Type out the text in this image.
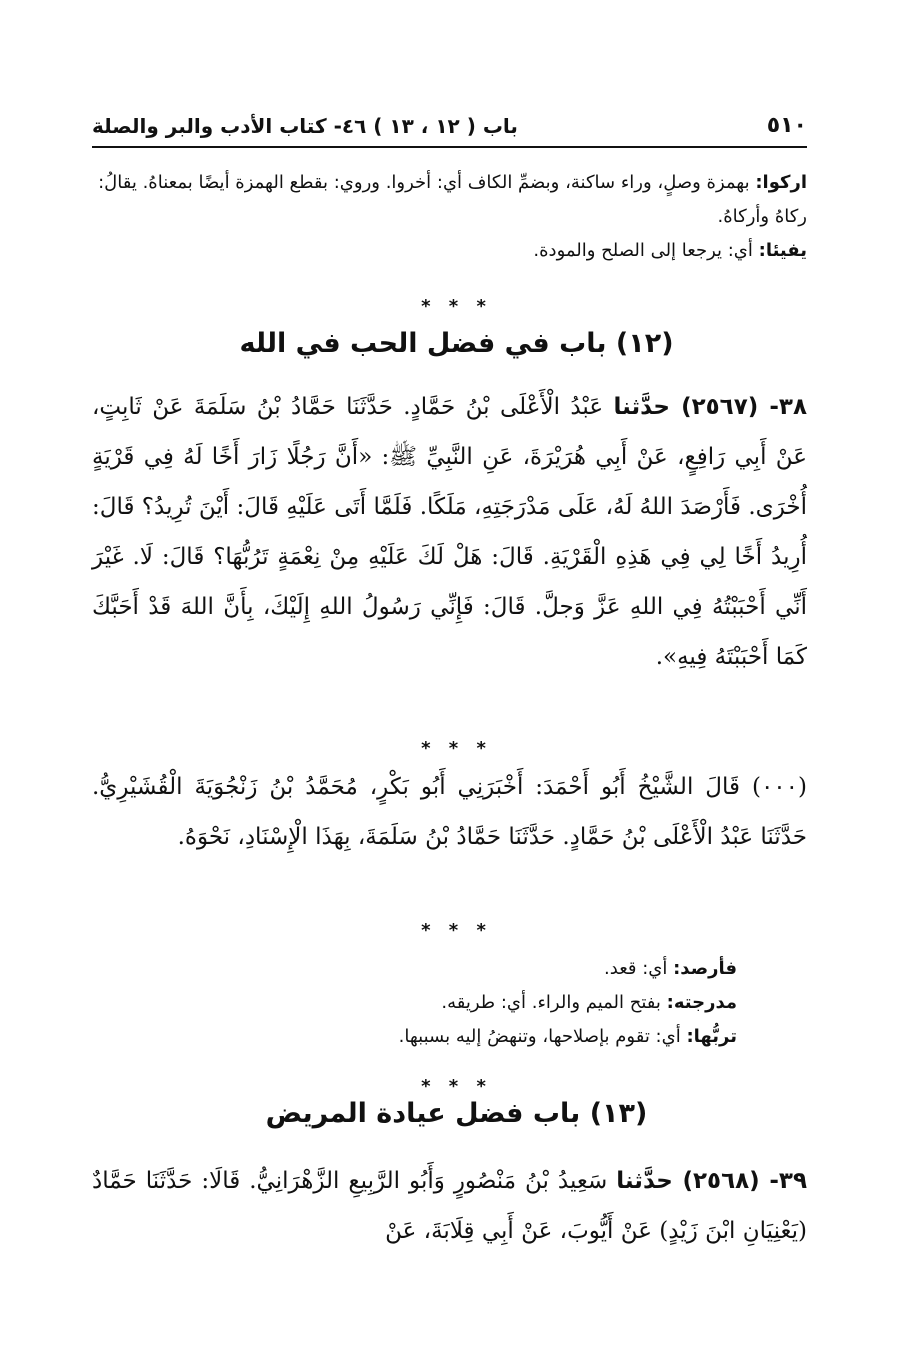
باب ( ١٢ ، ١٣ ) ٤٦- كتاب الأدب والبر والصلة	٥١٠
اركوا: بهمزة وصلٍ، وراء ساكنة، وبضمِّ الكاف أي: أخروا. وروي: بقطع الهمزة أيضًا بمعناهُ. يقالُ: ركاهُ وأركاهُ.
يفيئا: أي: يرجعا إلى الصلح والمودة.
* * *
(١٢) باب في فضل الحب في الله
٣٨- (٢٥٦٧) حدَّثنا عَبْدُ الْأَعْلَى بْنُ حَمَّادٍ. حَدَّثَنَا حَمَّادُ بْنُ سَلَمَةَ عَنْ ثَابِتٍ، عَنْ أَبِي رَافِعٍ، عَنْ أَبِي هُرَيْرَةَ، عَنِ النَّبِيِّ ﷺ: «أَنَّ رَجُلًا زَارَ أَخًا لَهُ فِي قَرْيَةٍ أُخْرَى. فَأَرْصَدَ اللهُ لَهُ، عَلَى مَدْرَجَتِهِ، مَلَكًا. فَلَمَّا أَتَى عَلَيْهِ قَالَ: أَيْنَ تُرِيدُ؟ قَالَ: أُرِيدُ أَخًا لِي فِي هَذِهِ الْقَرْيَةِ. قَالَ: هَلْ لَكَ عَلَيْهِ مِنْ نِعْمَةٍ تَرُبُّهَا؟ قَالَ: لَا. غَيْرَ أَنِّي أَحْبَبْتُهُ فِي اللهِ عَزَّ وَجلَّ. قَالَ: فَإِنِّي رَسُولُ اللهِ إِلَيْكَ، بِأَنَّ اللهَ قَدْ أَحَبَّكَ كَمَا أَحْبَبْتَهُ فِيهِ».
* * *
(٠٠٠) قَالَ الشَّيْخُ أَبُو أَحْمَدَ: أَخْبَرَنِي أَبُو بَكْرٍ، مُحَمَّدُ بْنُ زَنْجُوَيَةَ الْقُشَيْرِيُّ. حَدَّثَنَا عَبْدُ الْأَعْلَى بْنُ حَمَّادٍ. حَدَّثَنَا حَمَّادُ بْنُ سَلَمَةَ، بِهَذَا الْإِسْنَادِ، نَحْوَهُ.
* * *
فأرصد: أي: قعد.
مدرجته: بفتح الميم والراء. أي: طريقه.
تربُّها: أي: تقوم بإصلاحها، وتنهضُ إليه بسببها.
* * *
(١٣) باب فضل عيادة المريض
٣٩- (٢٥٦٨) حدَّثنا سَعِيدُ بْنُ مَنْصُورٍ وَأَبُو الرَّبِيعِ الزَّهْرَانِيُّ. قَالَا: حَدَّثَنَا حَمَّادٌ (يَعْنِيَانِ ابْنَ زَيْدٍ) عَنْ أَيُّوبَ، عَنْ أَبِي قِلَابَةَ، عَنْ
